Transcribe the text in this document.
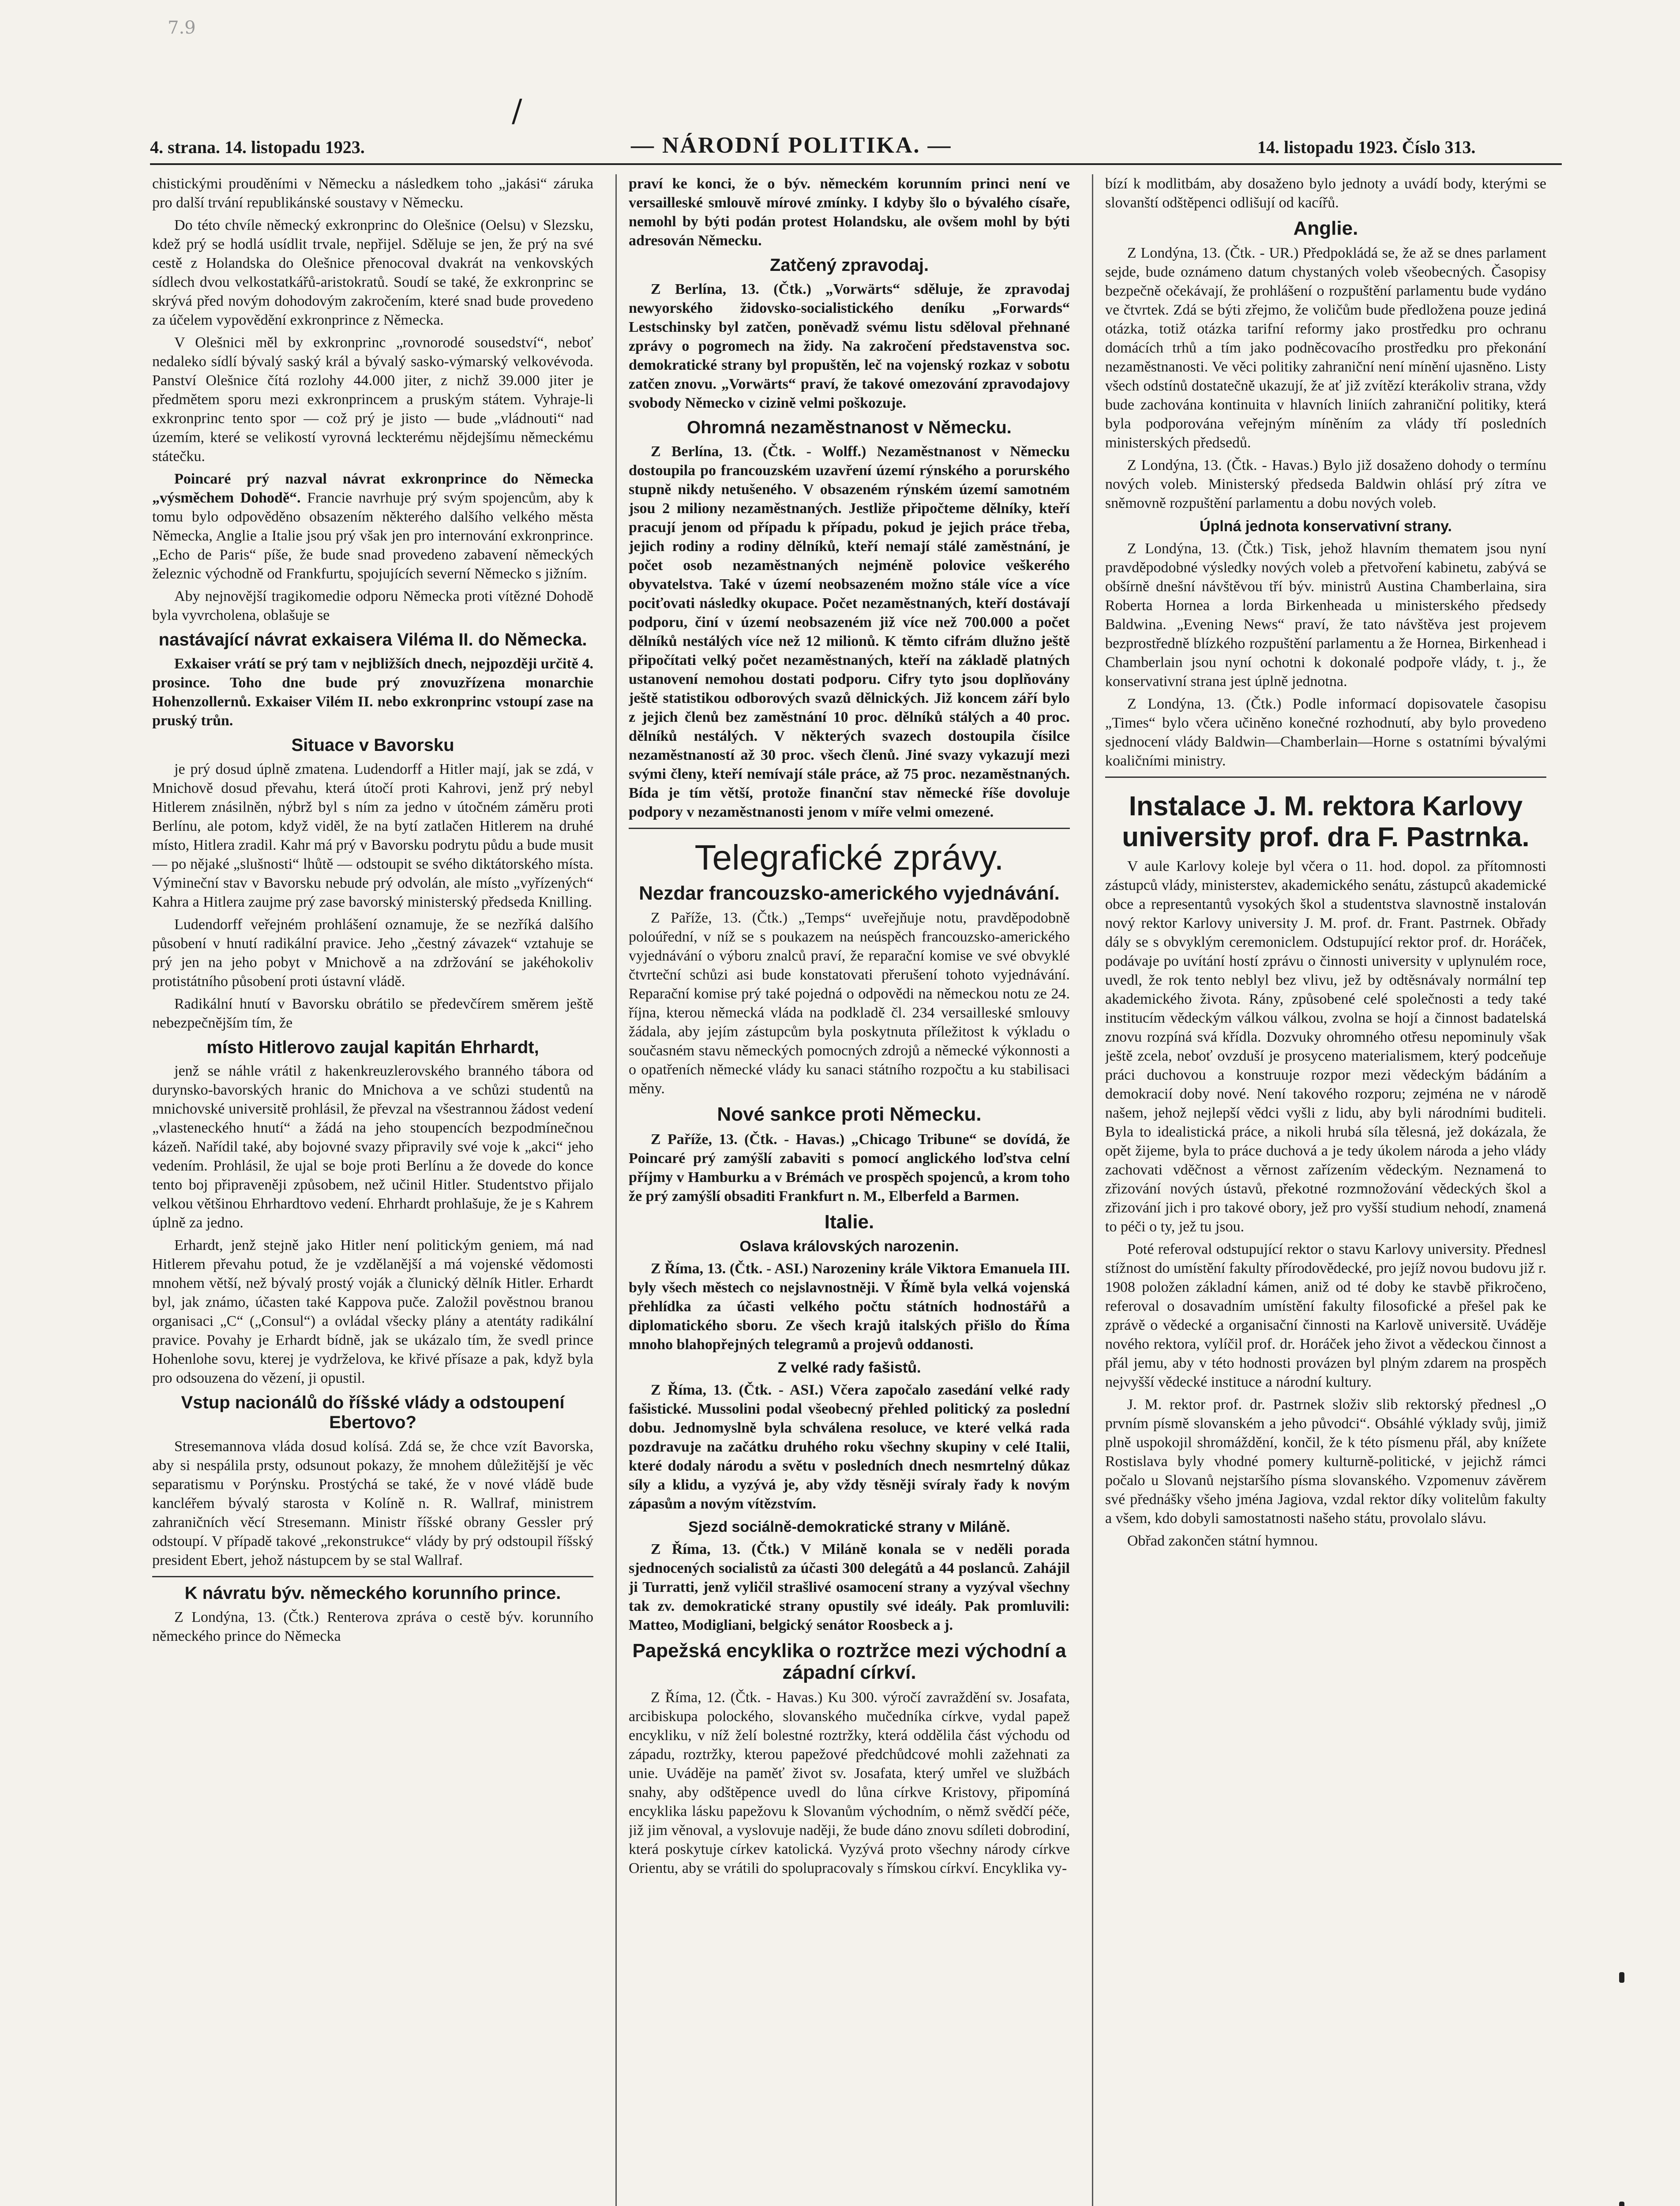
7.9
/
4. strana. 14. listopadu 1923.	— NÁRODNÍ POLITIKA. —	14. listopadu 1923. Číslo 313.

chistickými prouděními v Německu a následkem toho „jakási“ záruka pro další trvání republikánské soustavy v Německu.

Do této chvíle německý exkronprinc do Olešnice (Oelsu) v Slezsku, kdež prý se hodlá usídlit trvale, nepřijel. Sděluje se jen, že prý na své cestě z Holandska do Olešnice přenocoval dvakrát na venkovských sídlech dvou velkostatkářů-aristokratů. Soudí se také, že exkronprinc se skrývá před novým dohodovým zakročením, které snad bude provedeno za účelem vypovědění exkronprince z Německa.

V Olešnici měl by exkronprinc „rovnorodé sousedství“, neboť nedaleko sídlí bývalý saský král a bývalý sasko-výmarský velkovévoda. Panství Olešnice čítá rozlohy 44.000 jiter, z nichž 39.000 jiter je předmětem sporu mezi exkronprincem a pruským státem. Vyhraje-li exkronprinc tento spor — což prý je jisto — bude „vládnouti“ nad územím, které se velikostí vyrovná leckterému nějdejšímu německému státečku.

Poincaré prý nazval návrat exkronprince do Německa „výsměchem Dohodě“. Francie navrhuje prý svým spojencům, aby k tomu bylo odpověděno obsazením některého dalšího velkého města Německa, Anglie a Italie jsou prý však jen pro internování exkronprince. „Echo de Paris“ píše, že bude snad provedeno zabavení německých železnic východně od Frankfurtu, spojujících severní Německo s jižním.

Aby nejnovější tragikomedie odporu Německa proti vítězné Dohodě byla vyvrcholena, oblašuje se

nastávající návrat exkaisera Viléma II. do Německa.

Exkaiser vrátí se prý tam v nejbližších dnech, nejpozději určitě 4. prosince. Toho dne bude prý znovuzřízena monarchie Hohenzollernů. Exkaiser Vilém II. nebo exkronprinc vstoupí zase na pruský trůn.

Situace v Bavorsku

je prý dosud úplně zmatena. Ludendorff a Hitler mají, jak se zdá, v Mnichově dosud převahu, která útočí proti Kahrovi, jenž prý nebyl Hitlerem znásilněn, nýbrž byl s ním za jedno v útočném záměru proti Berlínu, ale potom, když viděl, že na bytí zatlačen Hitlerem na druhé místo, Hitlera zradil. Kahr má prý v Bavorsku podrytu půdu a bude musit — po nějaké „slušnosti“ lhůtě — odstoupit se svého diktátorského místa. Výmineční stav v Bavorsku nebude prý odvolán, ale místo „vyřízených“ Kahra a Hitlera zaujme prý zase bavorský ministerský předseda Knilling.

Ludendorff veřejném prohlášení oznamuje, že se nezříká dalšího působení v hnutí radikální pravice. Jeho „čestný závazek“ vztahuje se prý jen na jeho pobyt v Mnichově a na zdržování se jakéhokoliv protistátního působení proti ústavní vládě.

Radikální hnutí v Bavorsku obrátilo se předevčírem směrem ještě nebezpečnějším tím, že

místo Hitlerovo zaujal kapitán Ehrhardt,

jenž se náhle vrátil z hakenkreuzlerovského branného tábora od durynsko-bavorských hranic do Mnichova a ve schůzi studentů na mnichovské universitě prohlásil, že převzal na všestrannou žádost vedení „vlasteneckého hnutí“ a žádá na jeho stoupencích bezpodmínečnou kázeň. Nařídil také, aby bojovné svazy připravily své voje k „akci“ jeho vedením. Prohlásil, že ujal se boje proti Berlínu a že dovede do konce tento boj připraveněji způsobem, než učinil Hitler. Studentstvo přijalo velkou většinou Ehrhardtovo vedení. Ehrhardt prohlašuje, že je s Kahrem úplně za jedno.

Erhardt, jenž stejně jako Hitler není politickým geniem, má nad Hitlerem převahu potud, že je vzdělanější a má vojenské vědomosti mnohem větší, než bývalý prostý voják a člunický dělník Hitler. Erhardt byl, jak známo, účasten také Kappova puče. Založil pověstnou branou organisaci „C“ („Consul“) a ovládal všecky plány a atentáty radikální pravice. Povahy je Erhardt bídně, jak se ukázalo tím, že svedl prince Hohenlohe sovu, kterej je vydrželova, ke křivé přísaze a pak, když byla pro odsouzena do vězení, ji opustil.

Vstup nacionálů do říšské vlády a odstoupení Ebertovo?

Stresemannova vláda dosud kolísá. Zdá se, že chce vzít Bavorska, aby si nespálila prsty, odsunout pokazy, že mnohem důležitější je věc separatismu v Porýnsku. Prostýchá se také, že v nové vládě bude kancléřem bývalý starosta v Kolíně n. R. Wallraf, ministrem zahraničních věcí Stresemann. Ministr říšské obrany Gessler prý odstoupí. V případě takové „rekonstrukce“ vlády by prý odstoupil říšský president Ebert, jehož nástupcem by se stal Wallraf.

K návratu býv. německého korunního prince.

Z Londýna, 13. (Čtk.) Renterova zpráva o cestě býv. korunního německého prince do Německa

praví ke konci, že o býv. německém korunním princi není ve versailleské smlouvě mírové zmínky. I kdyby šlo o bývalého císaře, nemohl by býti podán protest Holandsku, ale ovšem mohl by býti adresován Německu.

Zatčený zpravodaj.

Z Berlína, 13. (Čtk.) „Vorwärts“ sděluje, že zpravodaj newyorského židovsko-socialistického deníku „Forwards“ Lestschinsky byl zatčen, poněvadž svému listu sděloval přehnané zprávy o pogromech na židy. Na zakročení představenstva soc. demokratické strany byl propuštěn, leč na vojenský rozkaz v sobotu zatčen znovu. „Vorwärts“ praví, že takové omezování zpravodajovy svobody Německo v cizině velmi poškozuje.

Ohromná nezaměstnanost v Německu.

Z Berlína, 13. (Čtk. - Wolff.) Nezaměstnanost v Německu dostoupila po francouzském uzavření území rýnského a porurského stupně nikdy netušeného. V obsazeném rýnském území samotném jsou 2 miliony nezaměstnaných. Jestliže připočteme dělníky, kteří pracují jenom od případu k případu, pokud je jejich práce třeba, jejich rodiny a rodiny dělníků, kteří nemají stálé zaměstnání, je počet osob nezaměstnaných nejméně polovice veškerého obyvatelstva. Také v území neobsazeném možno stále více a více pociťovati následky okupace. Počet nezaměstnaných, kteří dostávají podporu, činí v území neobsazeném již více než 700.000 a počet dělníků nestálých více než 12 milionů. K těmto cifrám dlužno ještě připočítati velký počet nezaměstnaných, kteří na základě platných ustanovení nemohou dostati podporu. Cifry tyto jsou doplňovány ještě statistikou odborových svazů dělnických. Již koncem září bylo z jejich členů bez zaměstnání 10 proc. dělníků stálých a 40 proc. dělníků nestálých. V některých svazech dostoupila čísilce nezaměstnaností až 30 proc. všech členů. Jiné svazy vykazují mezi svými členy, kteří nemívají stále práce, až 75 proc. nezaměstnaných. Bída je tím větší, protože finanční stav německé říše dovoluje podpory v nezaměstnanosti jenom v míře velmi omezené.

Telegrafické zprávy.
Nezdar francouzsko-amerického vyjednávání.

Z Paříže, 13. (Čtk.) „Temps“ uveřejňuje notu, pravděpodobně poloúřední, v níž se s poukazem na neúspěch francouzsko-amerického vyjednávání o výboru znalců praví, že reparační komise ve své obvyklé čtvrteční schůzi asi bude konstatovati přerušení tohoto vyjednávání. Reparační komise prý také pojedná o odpovědi na německou notu ze 24. října, kterou německá vláda na podkladě čl. 234 versailleské smlouvy žádala, aby jejím zástupcům byla poskytnuta příležitost k výkladu o současném stavu německých pomocných zdrojů a německé výkonnosti a o opatřeních německé vlády ku sanaci státního rozpočtu a ku stabilisaci měny.

Nové sankce proti Německu.

Z Paříže, 13. (Čtk. - Havas.) „Chicago Tribune“ se dovídá, že Poincaré prý zamýšlí zabaviti s pomocí anglického loďstva celní příjmy v Hamburku a v Brémách ve prospěch spojenců, a krom toho že prý zamýšlí obsaditi Frankfurt n. M., Elberfeld a Barmen.

Italie.
Oslava královských narozenin.

Z Říma, 13. (Čtk. - ASI.) Narozeniny krále Viktora Emanuela III. byly všech městech co nejslavnostněji. V Římě byla velká vojenská přehlídka za účasti velkého počtu státních hodnostářů a diplomatického sboru. Ze všech krajů italských přišlo do Říma mnoho blahopřejných telegramů a projevů oddanosti.

Z velké rady fašistů.

Z Říma, 13. (Čtk. - ASI.) Včera započalo zasedání velké rady fašistické. Mussolini podal všeobecný přehled politický za poslední dobu. Jednomyslně byla schválena resoluce, ve které velká rada pozdravuje na začátku druhého roku všechny skupiny v celé Italii, které dodaly národu a světu v posledních dnech nesmrtelný důkaz síly a klidu, a vyzývá je, aby vždy těsněji svíraly řady k novým zápasům a novým vítězstvím.

Sjezd sociálně-demokratické strany v Miláně.

Z Říma, 13. (Čtk.) V Miláně konala se v neděli porada sjednocených socialistů za účasti 300 delegátů a 44 poslanců. Zahájil ji Turratti, jenž vyličil strašlivé osamocení strany a vyzýval všechny tak zv. demokratické strany opustily své ideály. Pak promluvili: Matteo, Modigliani, belgický senátor Roosbeck a j.

Papežská encyklika o roztržce mezi východní a západní církví.

Z Říma, 12. (Čtk. - Havas.) Ku 300. výročí zavraždění sv. Josafata, arcibiskupa polockého, slovanského mučedníka církve, vydal papež encykliku, v níž želí bolestné roztržky, která oddělila část východu od západu, roztržky, kterou papežové předchůdcové mohli zažehnati za unie. Uváděje na paměť život sv. Josafata, který umřel ve službách snahy, aby odštěpence uvedl do lůna církve Kristovy, připomíná encyklika lásku papežovu k Slovanům východním, o němž svědčí péče, již jim věnoval, a vyslovuje naději, že bude dáno znovu sdíleti dobrodiní, která poskytuje církev katolická. Vyzývá proto všechny národy církve Orientu, aby se vrátili do spolupracovaly s římskou církví. Encyklika vy-

bízí k modlitbám, aby dosaženo bylo jednoty a uvádí body, kterými se slovanští odštěpenci odlišují od kacířů.

Anglie.

Z Londýna, 13. (Čtk. - UR.) Předpokládá se, že až se dnes parlament sejde, bude oznámeno datum chystaných voleb všeobecných. Časopisy bezpečně očekávají, že prohlášení o rozpuštění parlamentu bude vydáno ve čtvrtek. Zdá se býti zřejmo, že voličům bude předložena pouze jediná otázka, totiž otázka tarifní reformy jako prostředku pro ochranu domácích trhů a tím jako podněcovacího prostředku pro překonání nezaměstnanosti. Ve věci politiky zahraniční není mínění ujasněno. Listy všech odstínů dostatečně ukazují, že ať již zvítězí kterákoliv strana, vždy bude zachována kontinuita v hlavních liniích zahraniční politiky, která byla podporována veřejným míněním za vlády tří posledních ministerských předsedů.

Z Londýna, 13. (Čtk. - Havas.) Bylo již dosaženo dohody o termínu nových voleb. Ministerský předseda Baldwin ohlásí prý zítra ve sněmovně rozpuštění parlamentu a dobu nových voleb.

Úplná jednota konservativní strany.

Z Londýna, 13. (Čtk.) Tisk, jehož hlavním thematem jsou nyní pravděpodobné výsledky nových voleb a přetvoření kabinetu, zabývá se obšírně dnešní návštěvou tří býv. ministrů Austina Chamberlaina, sira Roberta Hornea a lorda Birkenheada u ministerského předsedy Baldwina. „Evening News“ praví, že tato návštěva jest projevem bezprostředně blízkého rozpuštění parlamentu a že Hornea, Birkenhead i Chamberlain jsou nyní ochotni k dokonalé podpoře vlády, t. j., že konservativní strana jest úplně jednotna.

Z Londýna, 13. (Čtk.) Podle informací dopisovatele časopisu „Times“ bylo včera učiněno konečné rozhodnutí, aby bylo provedeno sjednocení vlády Baldwin—Chamberlain—Horne s ostatními bývalými koaličními ministry.

Instalace J. M. rektora Karlovy university prof. dra F. Pastrnka.

V aule Karlovy koleje byl včera o 11. hod. dopol. za přítomnosti zástupců vlády, ministerstev, akademického senátu, zástupců akademické obce a representantů vysokých škol a studentstva slavnostně instalován nový rektor Karlovy university J. M. prof. dr. Frant. Pastrnek. Obřady dály se s obvyklým ceremoniclem. Odstupující rektor prof. dr. Horáček, podávaje po uvítání hostí zprávu o činnosti university v uplynulém roce, uvedl, že rok tento neblyl bez vlivu, jež by odtěsnávaly normální tep akademického života. Rány, způsobené celé společnosti a tedy také institucím vědeckým válkou válkou, zvolna se hojí a činnost badatelská znovu rozpíná svá křídla. Dozvuky ohromného otřesu nepominuly však ještě zcela, neboť ovzduší je prosyceno materialismem, který podceňuje práci duchovou a konstruuje rozpor mezi vědeckým bádáním a demokracií doby nové. Není takového rozporu; zejména ne v národě našem, jehož nejlepší vědci vyšli z lidu, aby byli národními buditeli. Byla to idealistická práce, a nikoli hrubá síla tělesná, jež dokázala, že opět žijeme, byla to práce duchová a je tedy úkolem národa a jeho vlády zachovati vděčnost a věrnost zařízením vědeckým. Neznamená to zřizování nových ústavů, překotné rozmnožování vědeckých škol a zřizování jich i pro takové obory, jež pro vyšší studium nehodí, znamená to péči o ty, jež tu jsou.

Poté referoval odstupující rektor o stavu Karlovy university. Přednesl stížnost do umístění fakulty přírodovědecké, pro jejíž novou budovu již r. 1908 položen základní kámen, aniž od té doby ke stavbě přikročeno, referoval o dosavadním umístění fakulty filosofické a přešel pak ke zprávě o vědecké a organisační činnosti na Karlově universitě. Uváděje nového rektora, vylíčil prof. dr. Horáček jeho život a vědeckou činnost a přál jemu, aby v této hodnosti provázen byl plným zdarem na prospěch nejvyšší vědecké instituce a národní kultury.

J. M. rektor prof. dr. Pastrnek složiv slib rektorský přednesl „O prvním písmě slovanském a jeho původci“. Obsáhlé výklady svůj, jimiž plně uspokojil shromáždění, končil, že k této písmenu přál, aby knížete Rostislava byly vhodné pomery kulturně-politické, v jejichž rámci počalo u Slovanů nejstaršího písma slovanského. Vzpomenuv závěrem své přednášky všeho jména Jagiova, vzdal rektor díky volitelům fakulty a všem, kdo dobyli samostatnosti našeho státu, provolalo slávu.

Obřad zakončen státní hymnou.
